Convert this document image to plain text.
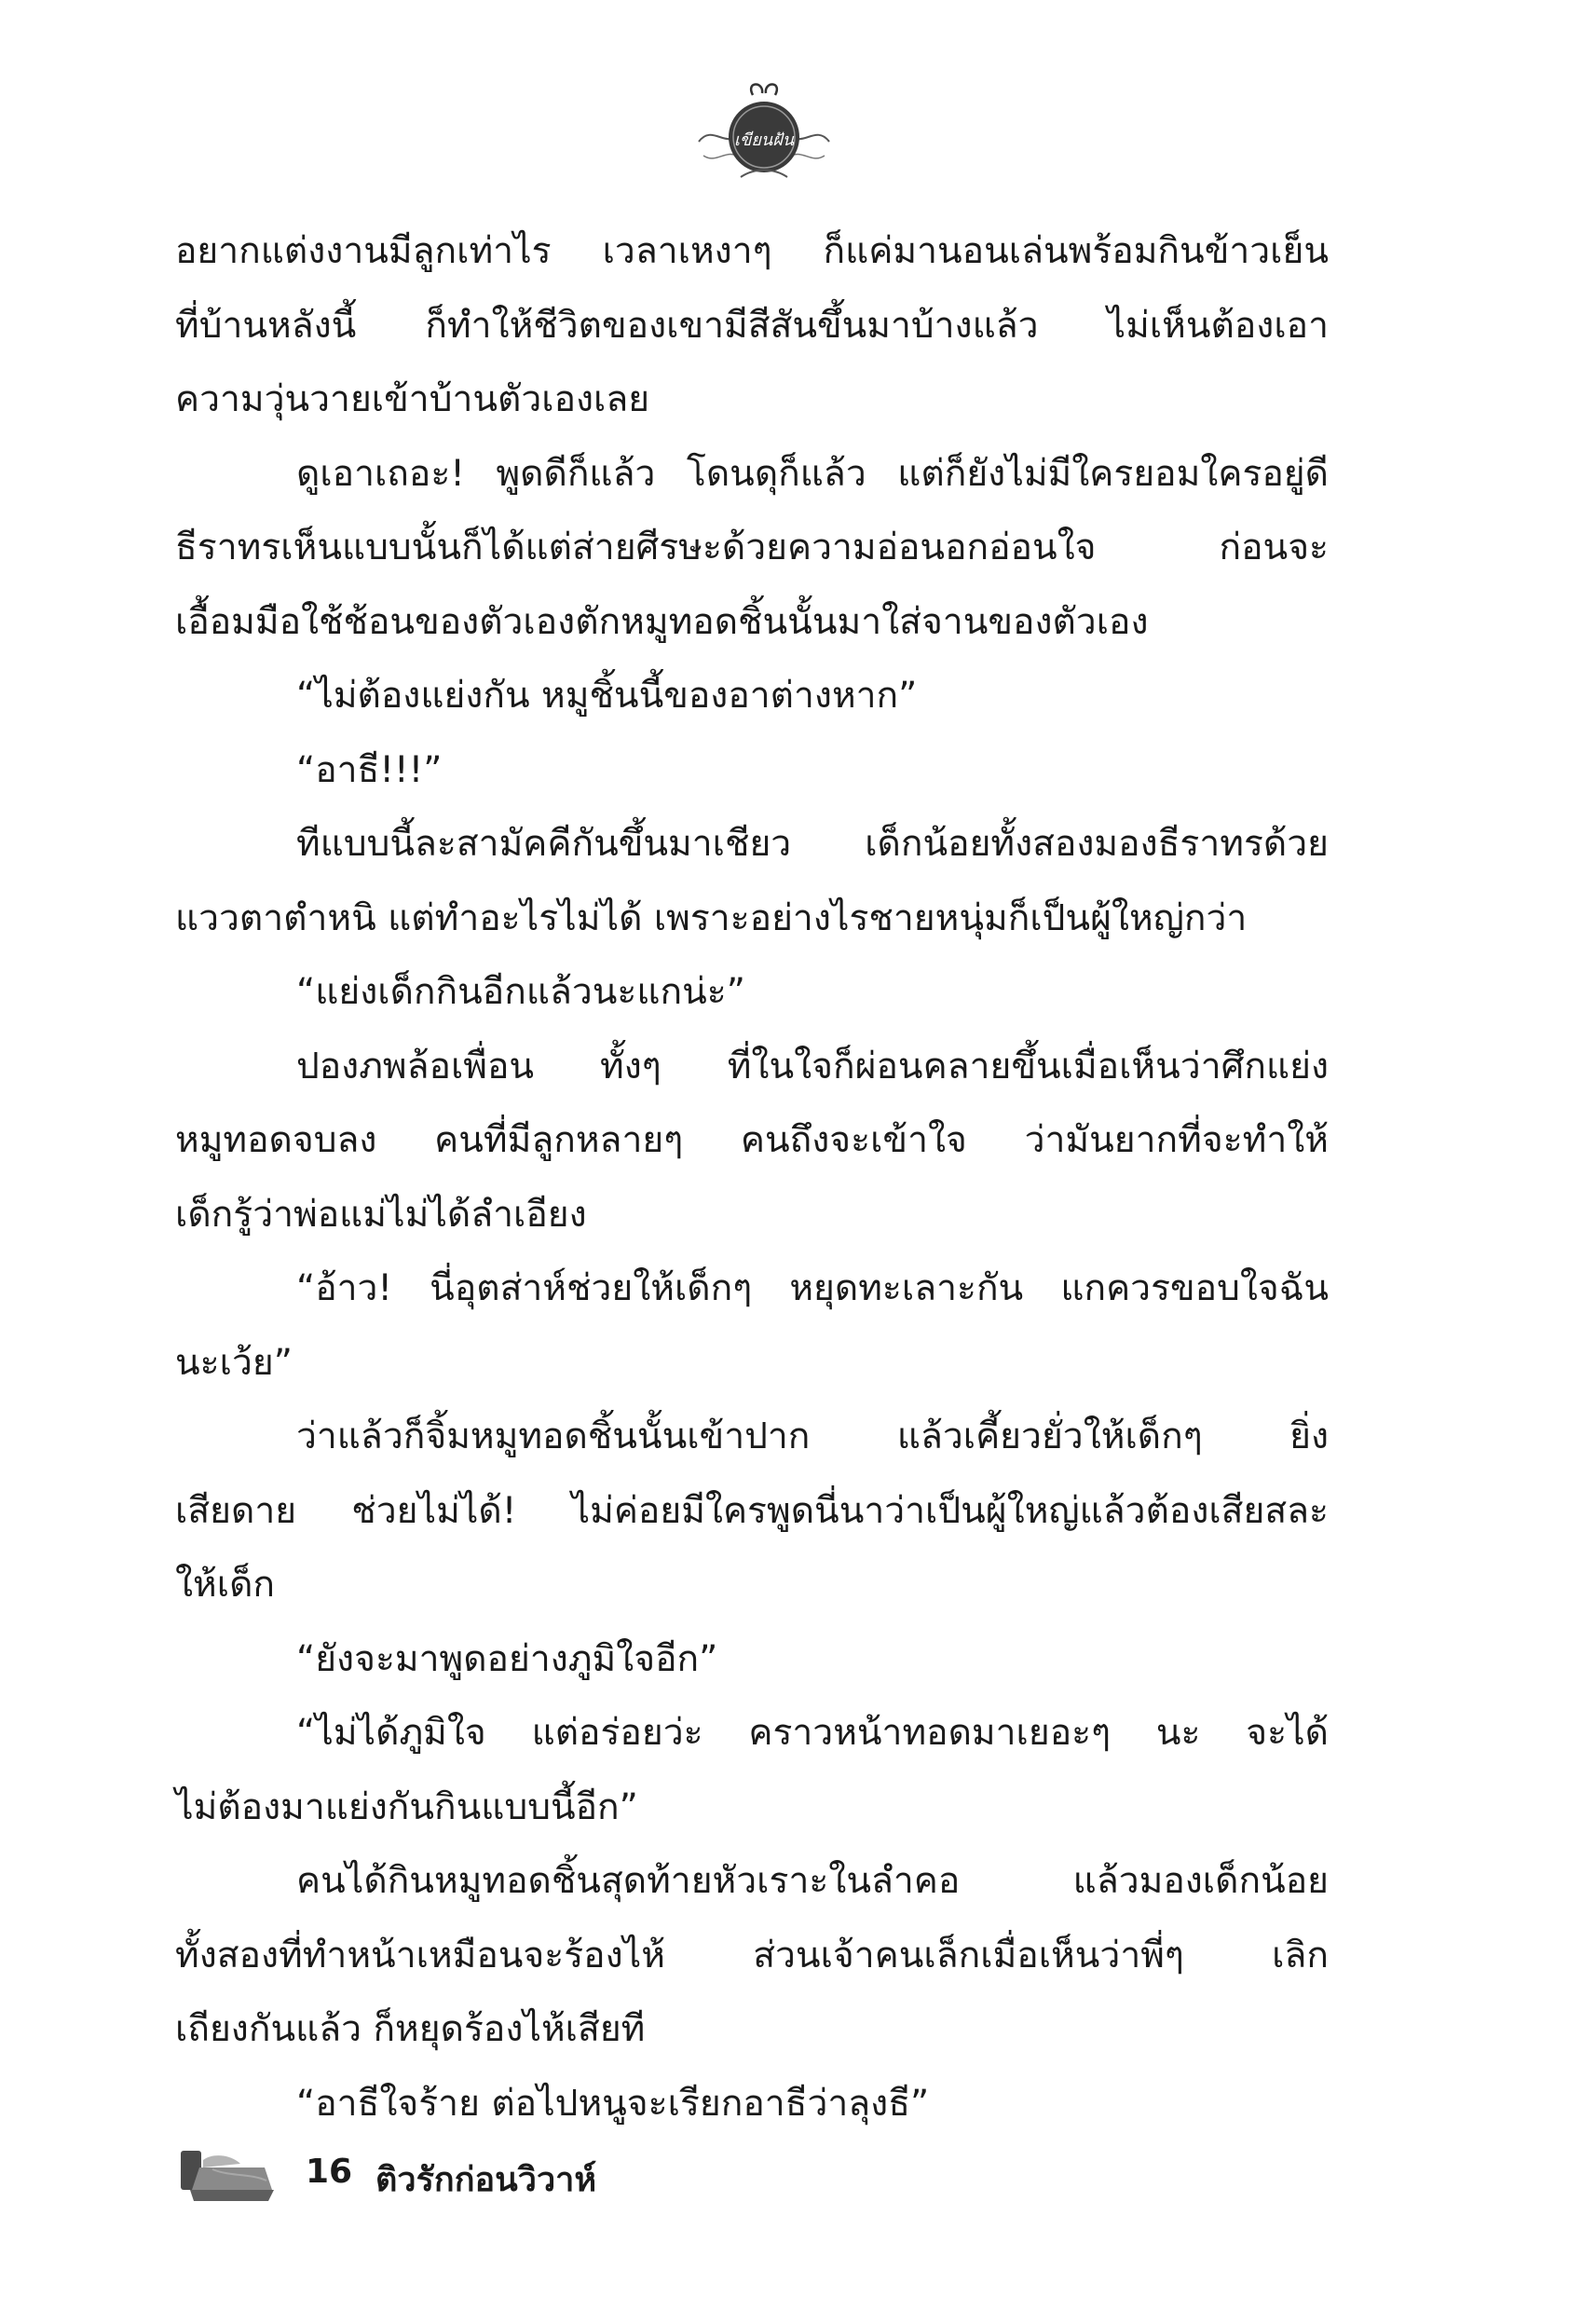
เขียนฝัน
อยากแต่งงานมีลูกเท่าไร เวลาเหงาๆ ก็แค่มานอนเล่นพร้อมกินข้าวเย็น
ที่บ้านหลังนี้ ก็ทำให้ชีวิตของเขามีสีสันขึ้นมาบ้างแล้ว ไม่เห็นต้องเอา
ความวุ่นวายเข้าบ้านตัวเองเลย
ดูเอาเถอะ! พูดดีก็แล้ว โดนดุก็แล้ว แต่ก็ยังไม่มีใครยอมใครอยู่ดี
ธีราทรเห็นแบบนั้นก็ได้แต่ส่ายศีรษะด้วยความอ่อนอกอ่อนใจ ก่อนจะ
เอื้อมมือใช้ช้อนของตัวเองตักหมูทอดชิ้นนั้นมาใส่จานของตัวเอง
“ไม่ต้องแย่งกัน หมูชิ้นนี้ของอาต่างหาก”
“อาธี!!!”
ทีแบบนี้ละสามัคคีกันขึ้นมาเชียว เด็กน้อยทั้งสองมองธีราทรด้วย
แววตาตำหนิ แต่ทำอะไรไม่ได้ เพราะอย่างไรชายหนุ่มก็เป็นผู้ใหญ่กว่า
“แย่งเด็กกินอีกแล้วนะแกน่ะ”
ปองภพล้อเพื่อน ทั้งๆ ที่ในใจก็ผ่อนคลายขึ้นเมื่อเห็นว่าศึกแย่ง
หมูทอดจบลง คนที่มีลูกหลายๆ คนถึงจะเข้าใจ ว่ามันยากที่จะทำให้
เด็กรู้ว่าพ่อแม่ไม่ได้ลำเอียง
“อ้าว! นี่อุตส่าห์ช่วยให้เด็กๆ หยุดทะเลาะกัน แกควรขอบใจฉัน
นะเว้ย”
ว่าแล้วก็จิ้มหมูทอดชิ้นนั้นเข้าปาก แล้วเคี้ยวยั่วให้เด็กๆ ยิ่ง
เสียดาย ช่วยไม่ได้! ไม่ค่อยมีใครพูดนี่นาว่าเป็นผู้ใหญ่แล้วต้องเสียสละ
ให้เด็ก
“ยังจะมาพูดอย่างภูมิใจอีก”
“ไม่ได้ภูมิใจ แต่อร่อยว่ะ คราวหน้าทอดมาเยอะๆ นะ จะได้
ไม่ต้องมาแย่งกันกินแบบนี้อีก”
คนได้กินหมูทอดชิ้นสุดท้ายหัวเราะในลำคอ แล้วมองเด็กน้อย
ทั้งสองที่ทำหน้าเหมือนจะร้องไห้ ส่วนเจ้าคนเล็กเมื่อเห็นว่าพี่ๆ เลิก
เถียงกันแล้ว ก็หยุดร้องไห้เสียที
“อาธีใจร้าย ต่อไปหนูจะเรียกอาธีว่าลุงธี”
16 ติวรักก่อนวิวาห์
